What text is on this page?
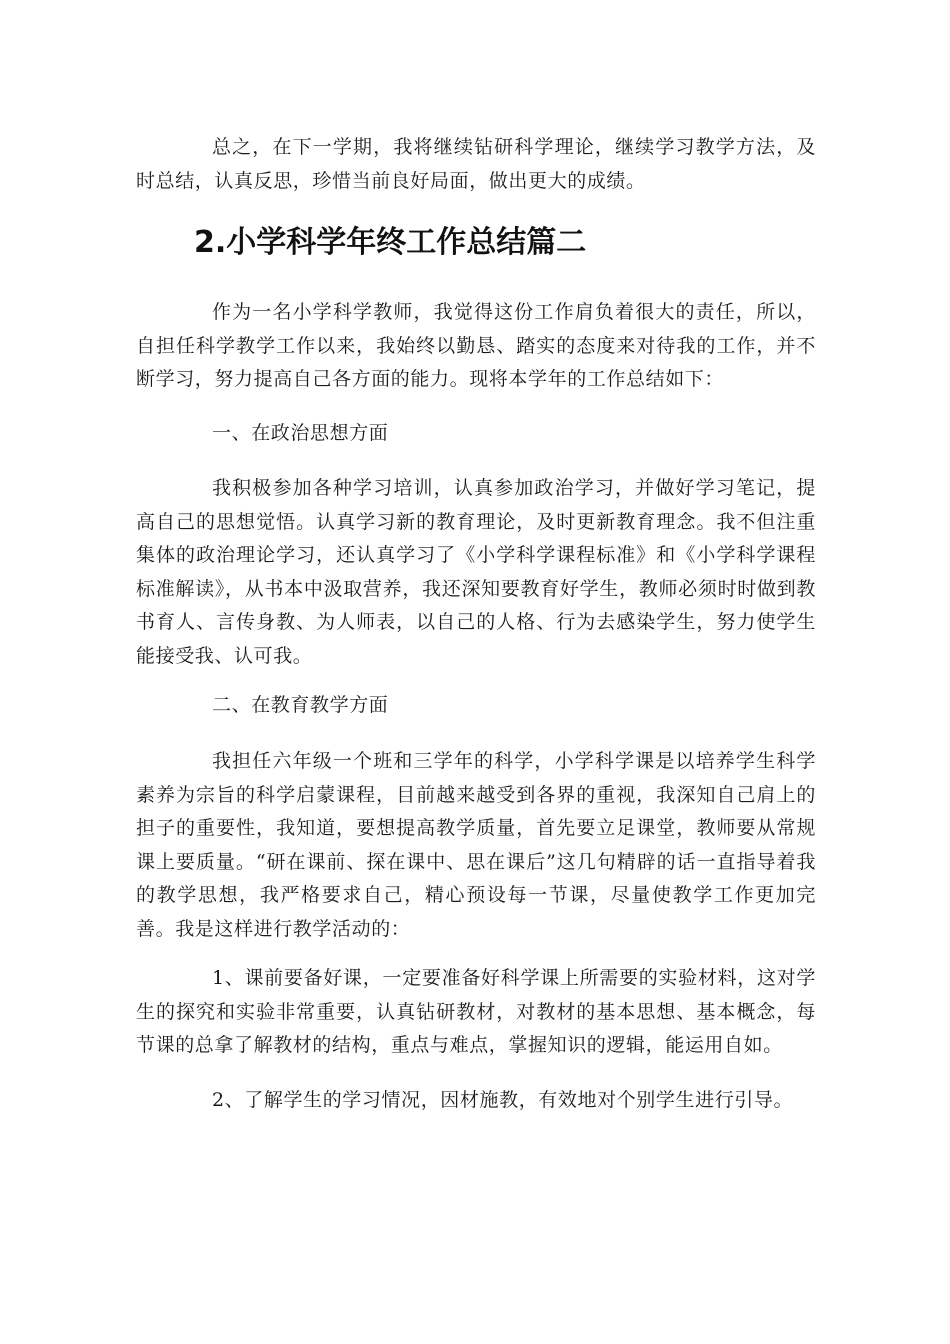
总之，在下一学期，我将继续钻研科学理论，继续学习教学方法，及时总结，认真反思，珍惜当前良好局面，做出更大的成绩。

2.小学科学年终工作总结篇二

作为一名小学科学教师，我觉得这份工作肩负着很大的责任，所以，自担任科学教学工作以来，我始终以勤恳、踏实的态度来对待我的工作，并不断学习，努力提高自己各方面的能力。现将本学年的工作总结如下：

一、在政治思想方面

我积极参加各种学习培训，认真参加政治学习，并做好学习笔记，提高自己的思想觉悟。认真学习新的教育理论，及时更新教育理念。我不但注重集体的政治理论学习，还认真学习了《小学科学课程标准》和《小学科学课程标准解读》，从书本中汲取营养，我还深知要教育好学生，教师必须时时做到教书育人、言传身教、为人师表，以自己的人格、行为去感染学生，努力使学生能接受我、认可我。

二、在教育教学方面

我担任六年级一个班和三学年的科学，小学科学课是以培养学生科学素养为宗旨的科学启蒙课程，目前越来越受到各界的重视，我深知自己肩上的担子的重要性，我知道，要想提高教学质量，首先要立足课堂，教师要从常规课上要质量。“研在课前、探在课中、思在课后”这几句精辟的话一直指导着我的教学思想，我严格要求自己，精心预设每一节课，尽量使教学工作更加完善。我是这样进行教学活动的：

1、课前要备好课，一定要准备好科学课上所需要的实验材料，这对学生的探究和实验非常重要，认真钻研教材，对教材的基本思想、基本概念，每节课的总拿了解教材的结构，重点与难点，掌握知识的逻辑，能运用自如。

2、了解学生的学习情况，因材施教，有效地对个别学生进行引导。
